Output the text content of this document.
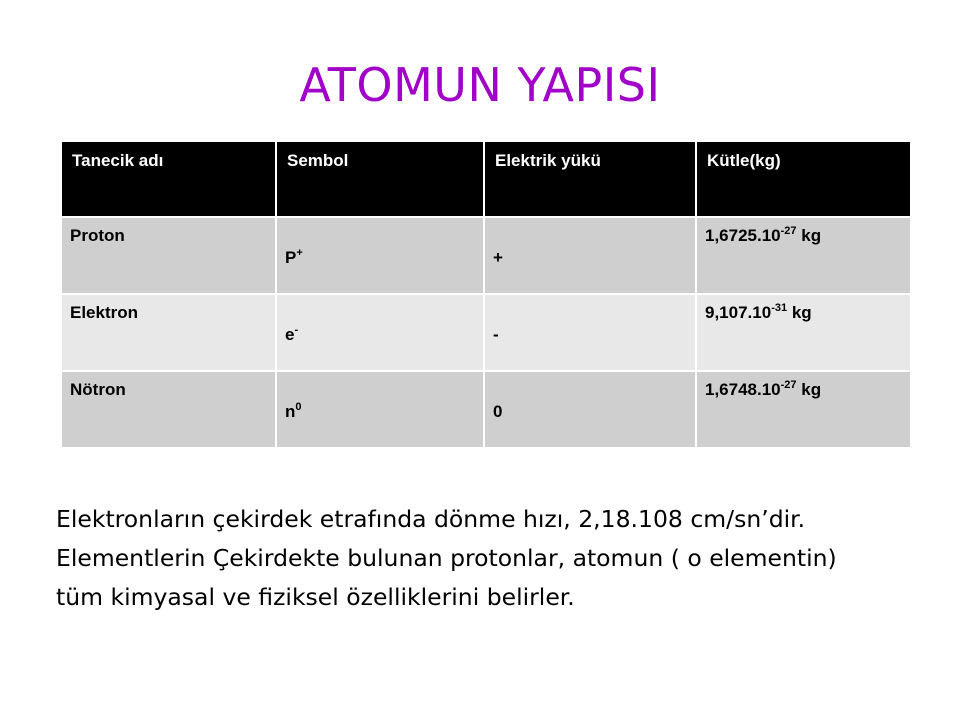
ATOMUN YAPISI
Tanecik adı	Sembol	Elektrik yükü	Kütle(kg)

Proton	P+	+	$1,6725.10^{-27}$ kg

Elektron	e-	-	$9,107.10^{-31}$ kg

Nötron	$n^0$	0	$1,6748.10^{-27}$ kg
Elektronların çekirdek etrafında dönme hızı, 2,18.108 cm/sn’dir.
Elementlerin Çekirdekte bulunan protonlar, atomun ( o elementin)
tüm kimyasal ve fiziksel özelliklerini belirler.
